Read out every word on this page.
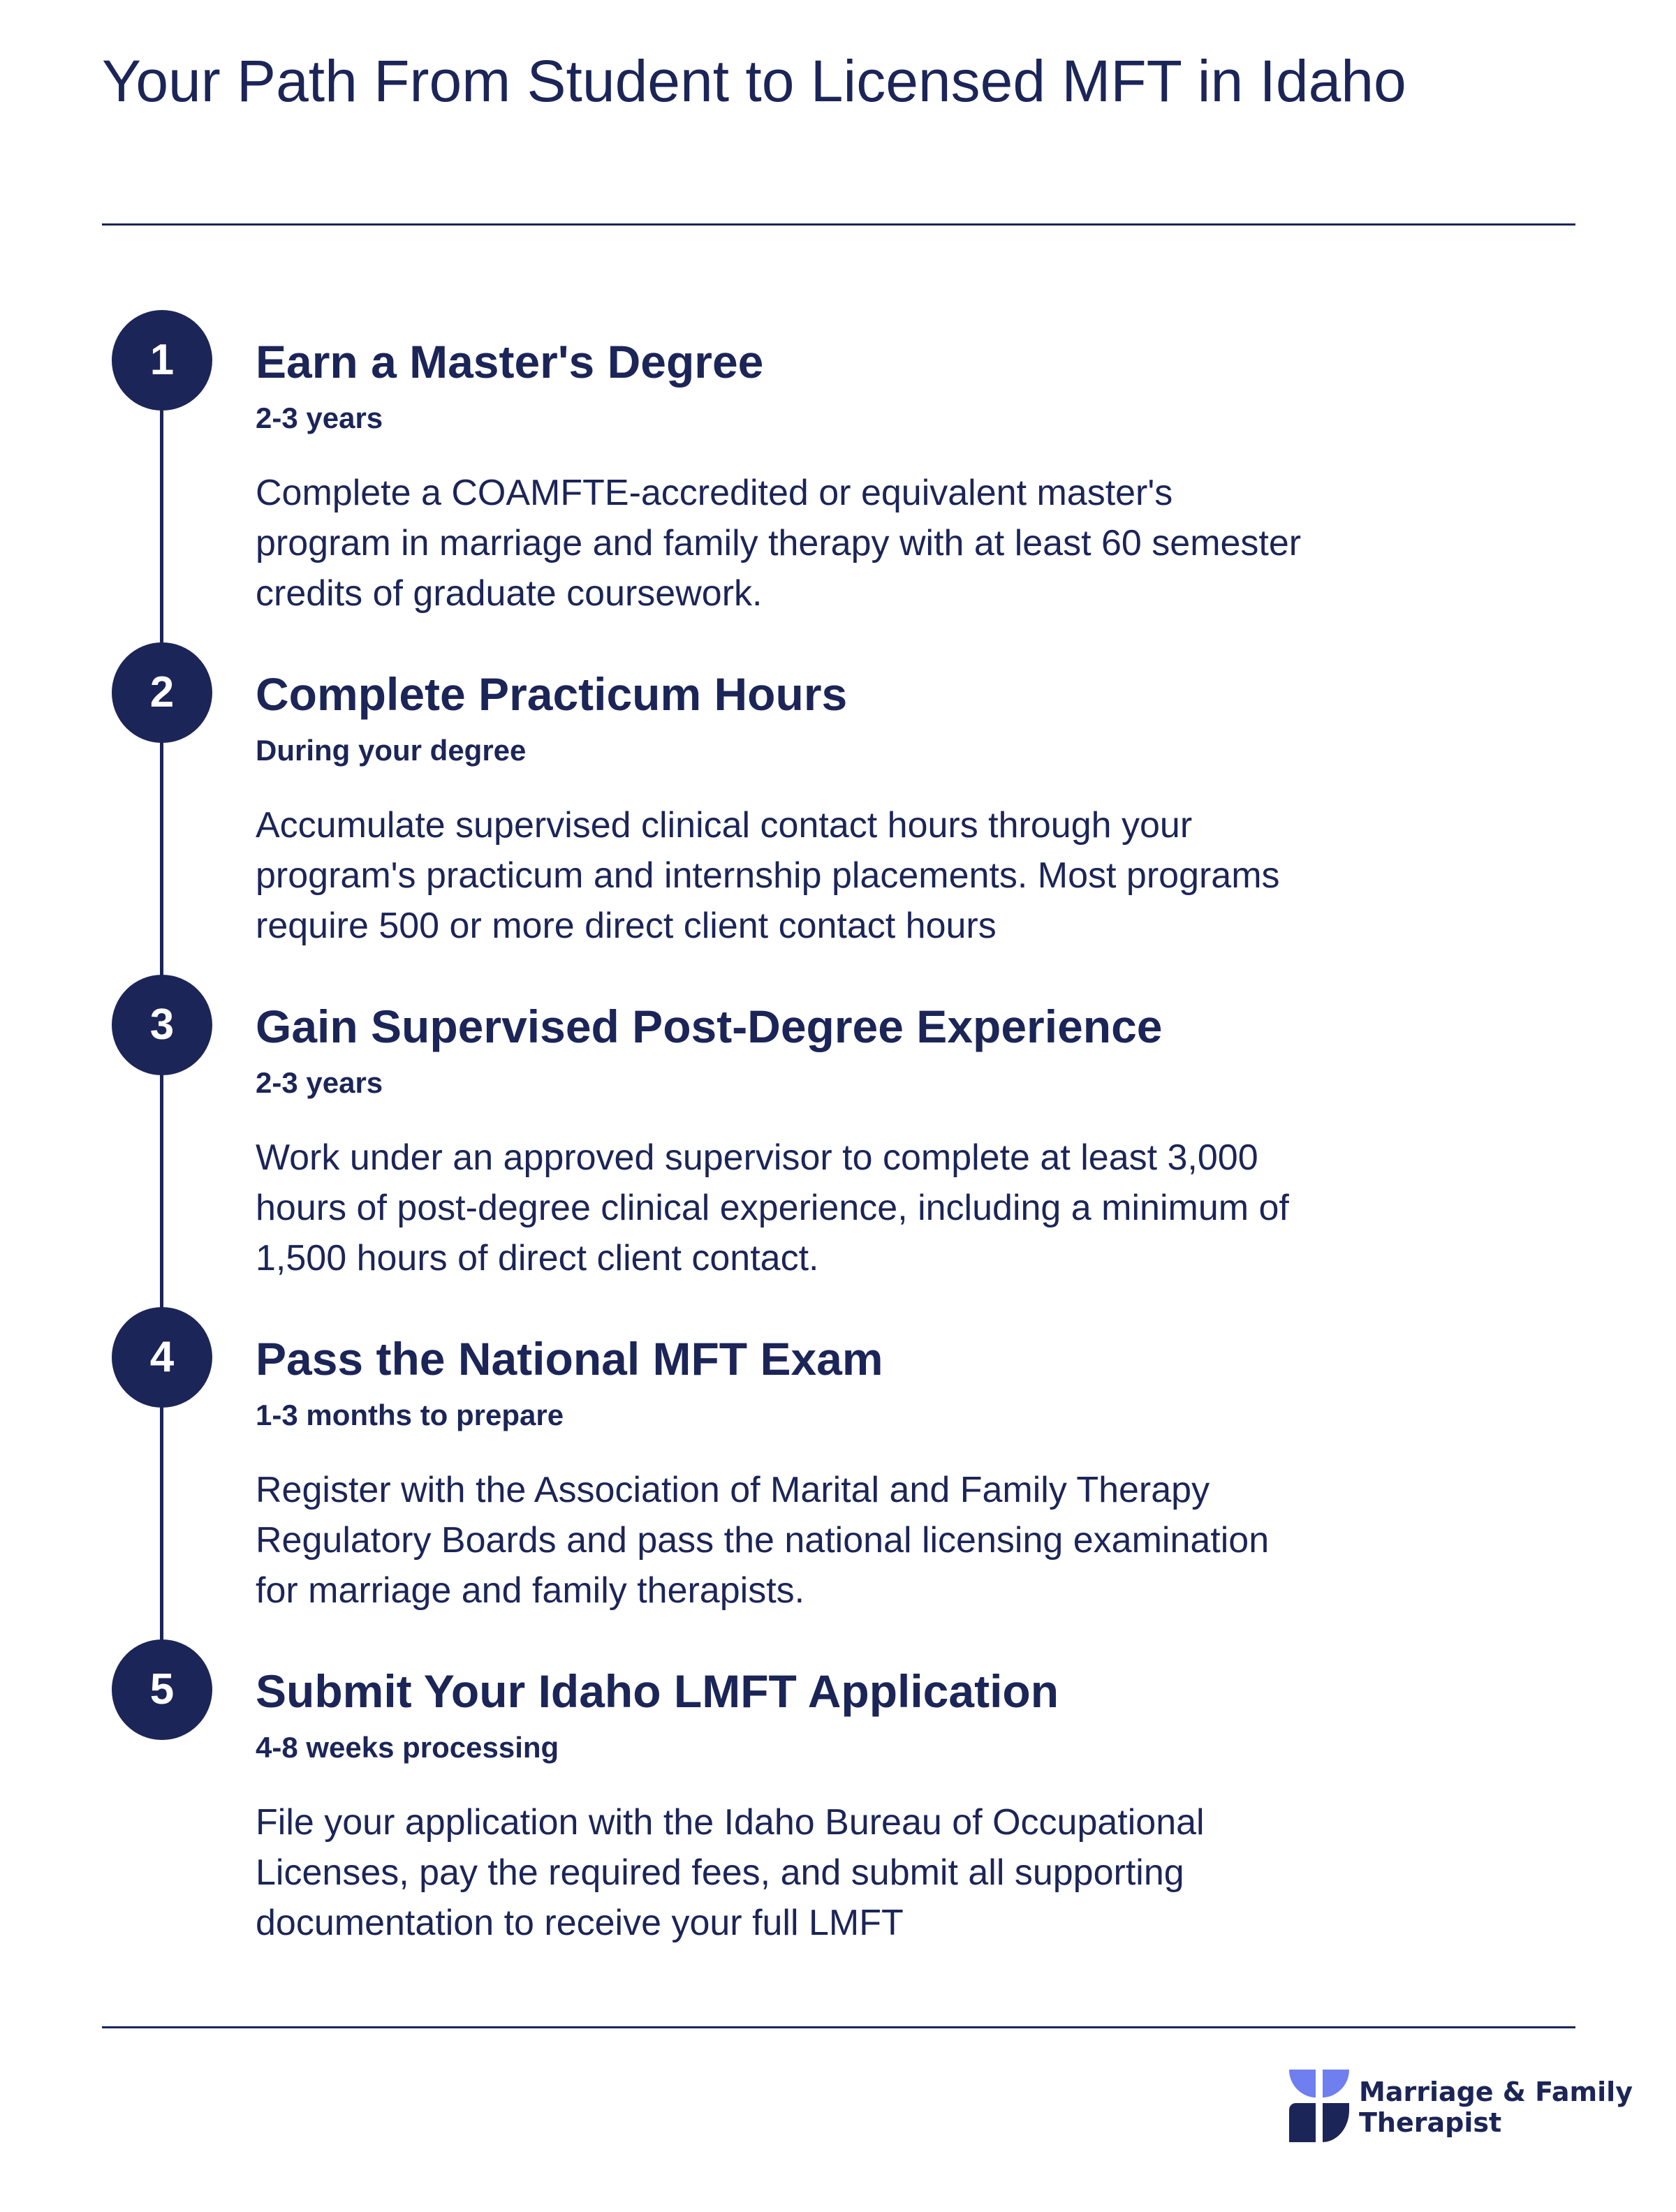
Your Path From Student to Licensed MFT in Idaho
1	Earn a Master's Degree
2-3 years

Complete a COAMFTE-accredited or equivalent master's program in marriage and family therapy with at least 60 semester credits of graduate coursework.

2	Complete Practicum Hours
During your degree

Accumulate supervised clinical contact hours through your program's practicum and internship placements. Most programs require 500 or more direct client contact hours

3	Gain Supervised Post-Degree Experience
2-3 years

Work under an approved supervisor to complete at least 3,000 hours of post-degree clinical experience, including a minimum of 1,500 hours of direct client contact.

4	Pass the National MFT Exam
1-3 months to prepare

Register with the Association of Marital and Family Therapy Regulatory Boards and pass the national licensing examination for marriage and family therapists.

5	Submit Your Idaho LMFT Application
4-8 weeks processing

File your application with the Idaho Bureau of Occupational Licenses, pay the required fees, and submit all supporting documentation to receive your full LMFT

Marriage & Family
Therapist
